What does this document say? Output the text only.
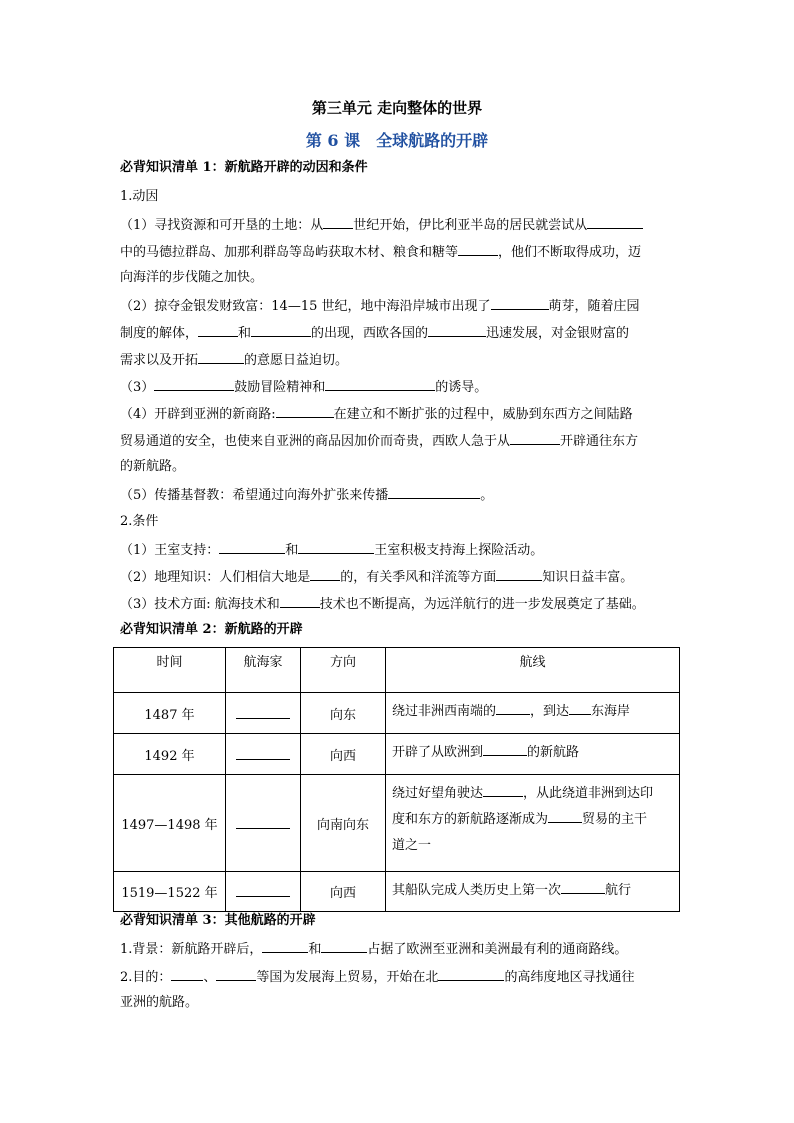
第三单元 走向整体的世界
第 6 课　全球航路的开辟
必背知识清单 1：新航路开辟的动因和条件
1.动因
（1）寻找资源和可开垦的土地：从 世纪开始，伊比利亚半岛的居民就尝试从
中的马德拉群岛、加那利群岛等岛屿获取木材、粮食和糖等	，他们不断取得成功，迈
向海洋的步伐随之加快。
（2）掠夺金银发财致富：14—15 世纪，地中海沿岸城市出现了	萌芽，随着庄园
制度的解体，	和	的出现，西欧各国的	迅速发展，对金银财富的
需求以及开拓	的意愿日益迫切。
（3）	鼓励冒险精神和	的诱导。
（4）开辟到亚洲的新商路:	在建立和不断扩张的过程中，威胁到东西方之间陆路
贸易通道的安全，也使来自亚洲的商品因加价而奇贵，西欧人急于从	开辟通往东方
的新航路。
（5）传播基督教：希望通过向海外扩张来传播	。
2.条件
（1）王室支持：	和	王室积极支持海上探险活动。
（2）地理知识：人们相信大地是 的，有关季风和洋流等方面	知识日益丰富。
（3）技术方面: 航海技术和	技术也不断提高，为远洋航行的进一步发展奠定了基础。
必背知识清单 2：新航路的开辟
时间	航海家	方向	航线
1487 年		向东	绕过非洲西南端的 ，到达 东海岸
1492 年		向西	开辟了从欧洲到 的新航路
1497—1498 年		向南向东	绕过好望角驶达 ，从此绕道非洲到达印
度和东方的新航路逐渐成为 贸易的主干
道之一
1519—1522 年		向西	其船队完成人类历史上第一次 航行
必背知识清单 3：其他航路的开辟
1.背景：新航路开辟后，	和	占据了欧洲至亚洲和美洲最有利的通商路线。
2.目的： 、	等国为发展海上贸易，开始在北	的高纬度地区寻找通往
亚洲的航路。
